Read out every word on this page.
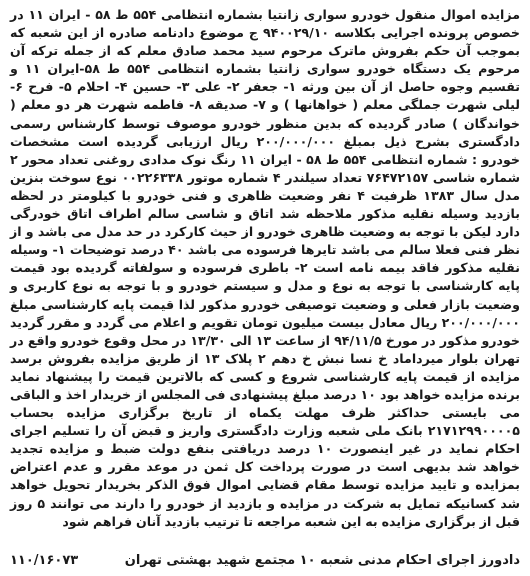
مزایده اموال منقول خودرو سواری زانتیا بشماره انتظامی ۵۵۴ ط ۵۸ - ایران ۱۱ در خصوص پرونده اجرایی بکلاسه ۹۴۰۰۲۹/۱۰ ج موضوع دادنامه صادره از این شعبه که بموجب آن حکم بفروش ماترک مرحوم سید محمد صادق معلم که از جمله ترکه آن مرحوم یک دستگاه خودرو سواری زانتیا بشماره انتظامی ۵۵۴ ط ۵۸-ایران ۱۱ و تقسیم وجوه حاصل از آن بین ورثه ۱- جعفر ۲- علی ۳- حسین ۴- احلام ۵- فرح ۶- لیلی شهرت جملگی معلم ( خواهانها ) و ۷- صدیقه ۸- فاطمه شهرت هر دو معلم ( خواندگان ) صادر گردیده که بدین منظور خودرو موصوف توسط کارشناس رسمی دادگستری بشرح ذیل بمبلغ ۲۰۰/۰۰۰/۰۰۰ ریال ارزیابی گردیده است مشخصات خودرو : شماره انتظامی ۵۵۴ ط ۵۸ - ایران ۱۱ رنگ نوک مدادی روغنی تعداد محور ۲ شماره شاسی ۷۶۴۷۲۱۵۷ تعداد سیلندر ۴ شماره موتور ۰۰۲۲۶۳۳۸ نوع سوخت بنزین مدل سال ۱۳۸۳ ظرفیت ۴ نفر وضعیت ظاهری و فنی خودرو با کیلومتر در لحظه بازدید وسیله نقلیه مذکور ملاحظه شد اتاق و شاسی سالم اطراف اتاق خودرگی دارد لیکن با توجه به وضعیت ظاهری خودرو از حیث کارکرد در حد مدل می باشد و از نظر فنی فعلا سالم می باشد تایرها فرسوده می باشد ۴۰ درصد توضیحات ۱- وسیله نقلیه مذکور فاقد بیمه نامه است ۲- باطری فرسوده و سولفاته گردیده بود قیمت پایه کارشناسی با توجه به نوع و مدل و سیستم خودرو و با توجه به نوع کاربری و وضعیت بازار فعلی و وضعیت توصیفی خودرو مذکور لذا قیمت پایه کارشناسی مبلغ ۲۰۰/۰۰۰/۰۰۰ ریال معادل بیست میلیون تومان تقویم و اعلام می گردد و مقرر گردید خودرو مذکور در مورخ ۹۴/۱۱/۵ از ساعت ۱۳ الی ۱۳/۳۰ در محل وقوع خودرو واقع در تهران بلوار میرداماد خ نسا نبش خ دهم ۲ پلاک ۱۳ از طریق مزایده بفروش برسد مزایده از قیمت پایه کارشناسی شروع و کسی که بالاترین قیمت را پیشنهاد نماید برنده مزایده خواهد بود ۱۰ درصد مبلغ پیشنهادی فی المجلس از خریدار اخذ و الباقی می بایستی حداکثر ظرف مهلت یکماه از تاریخ برگزاری مزایده بحساب ۲۱۷۱۲۹۹۰۰۰۰۵ بانک ملی شعبه وزارت دادگستری واریز و قبض آن را تسلیم اجرای احکام نماید در غیر اینصورت ۱۰ درصد دریافتی بنفع دولت ضبط و مزایده تجدید خواهد شد بدیهی است در صورت پرداخت کل ثمن در موعد مقرر و عدم اعتراض بمزایده و تایید مزایده توسط مقام قضایی اموال فوق الذکر بخریدار تحویل خواهد شد کسانیکه تمایل به شرکت در مزایده و بازدید از خودرو را دارند می توانند ۵ روز قبل از برگزاری مزایده به این شعبه مراجعه تا ترتیب بازدید آنان فراهم شود

دادورز اجرای احکام مدنی شعبه ۱۰ مجتمع شهید بهشتی تهران
۱۱۰/۱۶۰۷۳
